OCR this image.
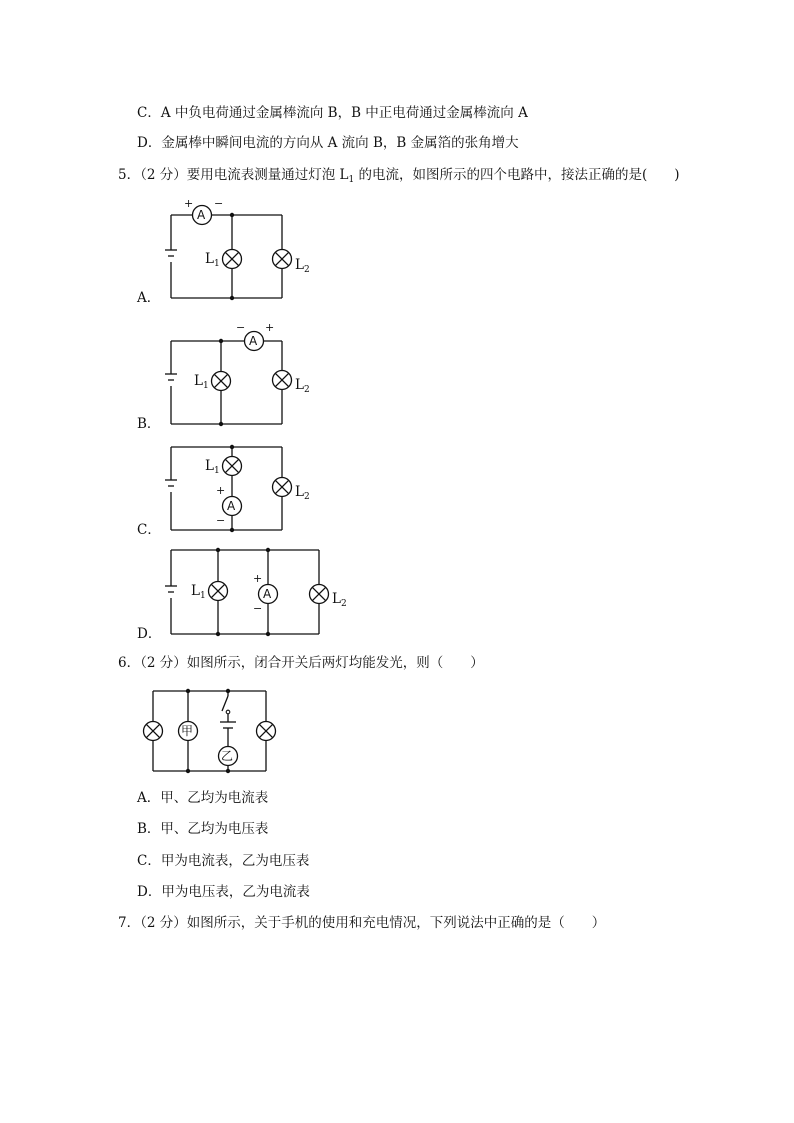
C．A 中负电荷通过金属棒流向 B，B 中正电荷通过金属棒流向 A
D．金属棒中瞬间电流的方向从 A 流向 B，B 金属箔的张角增大
5．（2 分）要用电流表测量通过灯泡 $L_1$ 的电流，如图所示的四个电路中，接法正确的是(　　)
A
+ −
$L_1$	$L_2$
A．
A
− +
$L_1$	$L_2$
B．
A
+
−
$L_1$
$L_2$
C．
A
+
−
$L_1$	$L_2$
D．
6．（2 分）如图所示，闭合开关后两灯均能发光，则（　　）
甲
乙
A．甲、乙均为电流表
B．甲、乙均为电压表
C．甲为电流表，乙为电压表
D．甲为电压表，乙为电流表
7．（2 分）如图所示，关于手机的使用和充电情况，下列说法中正确的是（　　）
